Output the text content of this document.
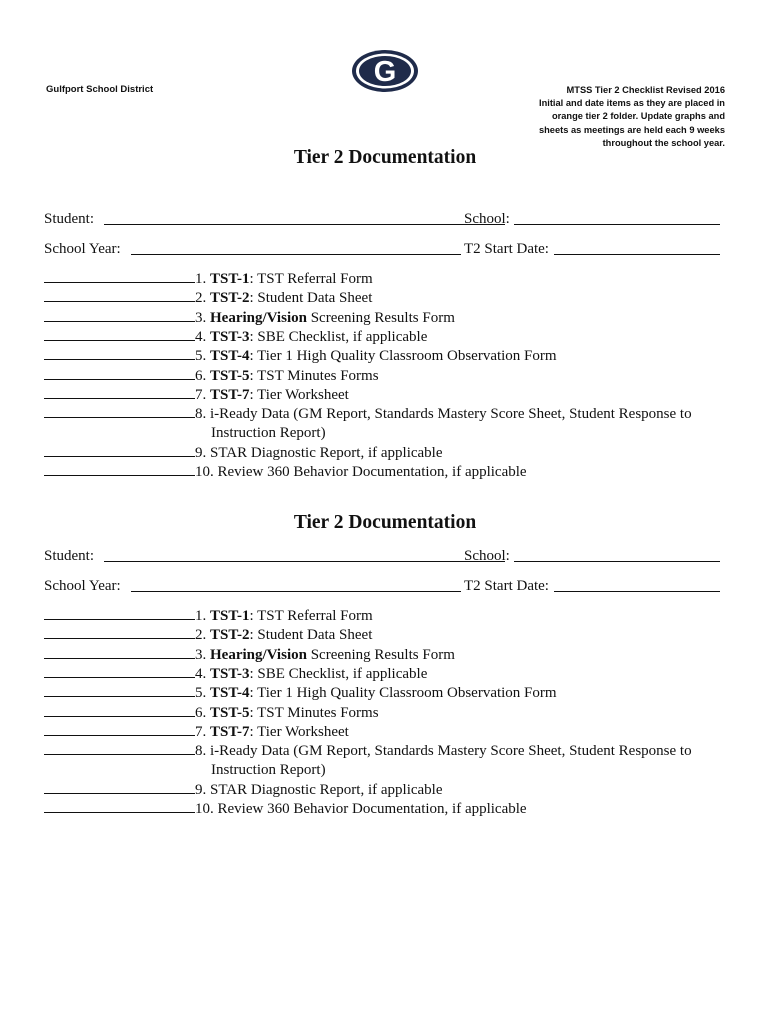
Gulfport School District
G
MTSS Tier 2 Checklist Revised 2016
Initial and date items as they are placed in
orange tier 2 folder. Update graphs and
sheets as meetings are held each 9 weeks
throughout the school year.
Tier 2 Documentation
Student:	School:
School Year:	T2 Start Date:
1. TST-1: TST Referral Form
2. TST-2: Student Data Sheet
3. Hearing/Vision Screening Results Form
4. TST-3: SBE Checklist, if applicable
5. TST-4: Tier 1 High Quality Classroom Observation Form
6. TST-5: TST Minutes Forms
7. TST-7: Tier Worksheet
8. i-Ready Data (GM Report, Standards Mastery Score Sheet, Student Response to
Instruction Report)
9. STAR Diagnostic Report, if applicable
10. Review 360 Behavior Documentation, if applicable
Tier 2 Documentation
Student:	School:
School Year:	T2 Start Date:
1. TST-1: TST Referral Form
2. TST-2: Student Data Sheet
3. Hearing/Vision Screening Results Form
4. TST-3: SBE Checklist, if applicable
5. TST-4: Tier 1 High Quality Classroom Observation Form
6. TST-5: TST Minutes Forms
7. TST-7: Tier Worksheet
8. i-Ready Data (GM Report, Standards Mastery Score Sheet, Student Response to
Instruction Report)
9. STAR Diagnostic Report, if applicable
10. Review 360 Behavior Documentation, if applicable
